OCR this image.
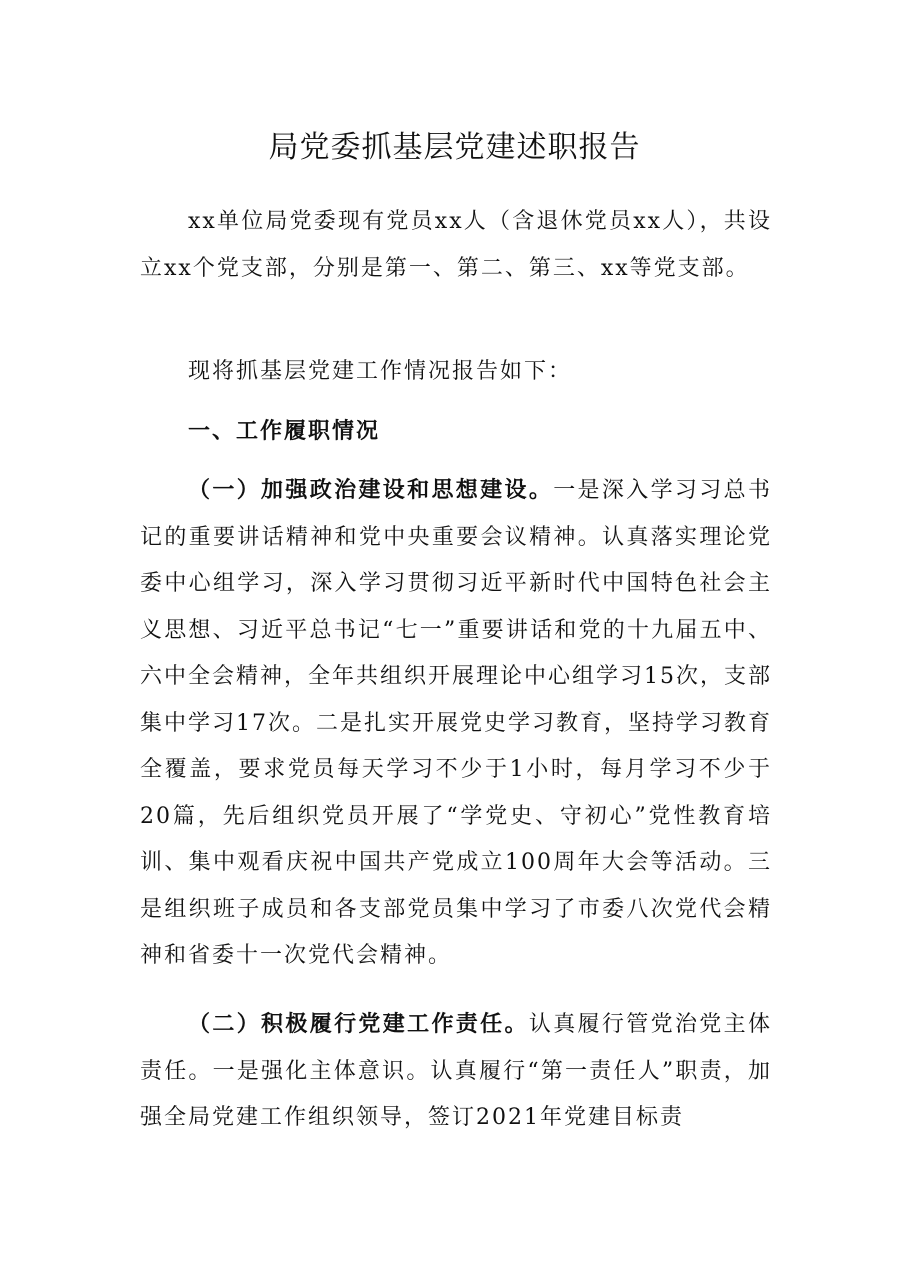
局党委抓基层党建述职报告

xx单位局党委现有党员xx人（含退休党员xx人），共设立xx个党支部，分别是第一、第二、第三、xx等党支部。

现将抓基层党建工作情况报告如下：

一、工作履职情况

（一）加强政治建设和思想建设。一是深入学习习总书记的重要讲话精神和党中央重要会议精神。认真落实理论党委中心组学习，深入学习贯彻习近平新时代中国特色社会主义思想、习近平总书记“七一”重要讲话和党的十九届五中、六中全会精神，全年共组织开展理论中心组学习15次，支部集中学习17次。二是扎实开展党史学习教育，坚持学习教育全覆盖，要求党员每天学习不少于1小时，每月学习不少于20篇，先后组织党员开展了“学党史、守初心”党性教育培训、集中观看庆祝中国共产党成立100周年大会等活动。三是组织班子成员和各支部党员集中学习了市委八次党代会精神和省委十一次党代会精神。

（二）积极履行党建工作责任。认真履行管党治党主体责任。一是强化主体意识。认真履行“第一责任人”职责，加强全局党建工作组织领导，签订2021年党建目标责
